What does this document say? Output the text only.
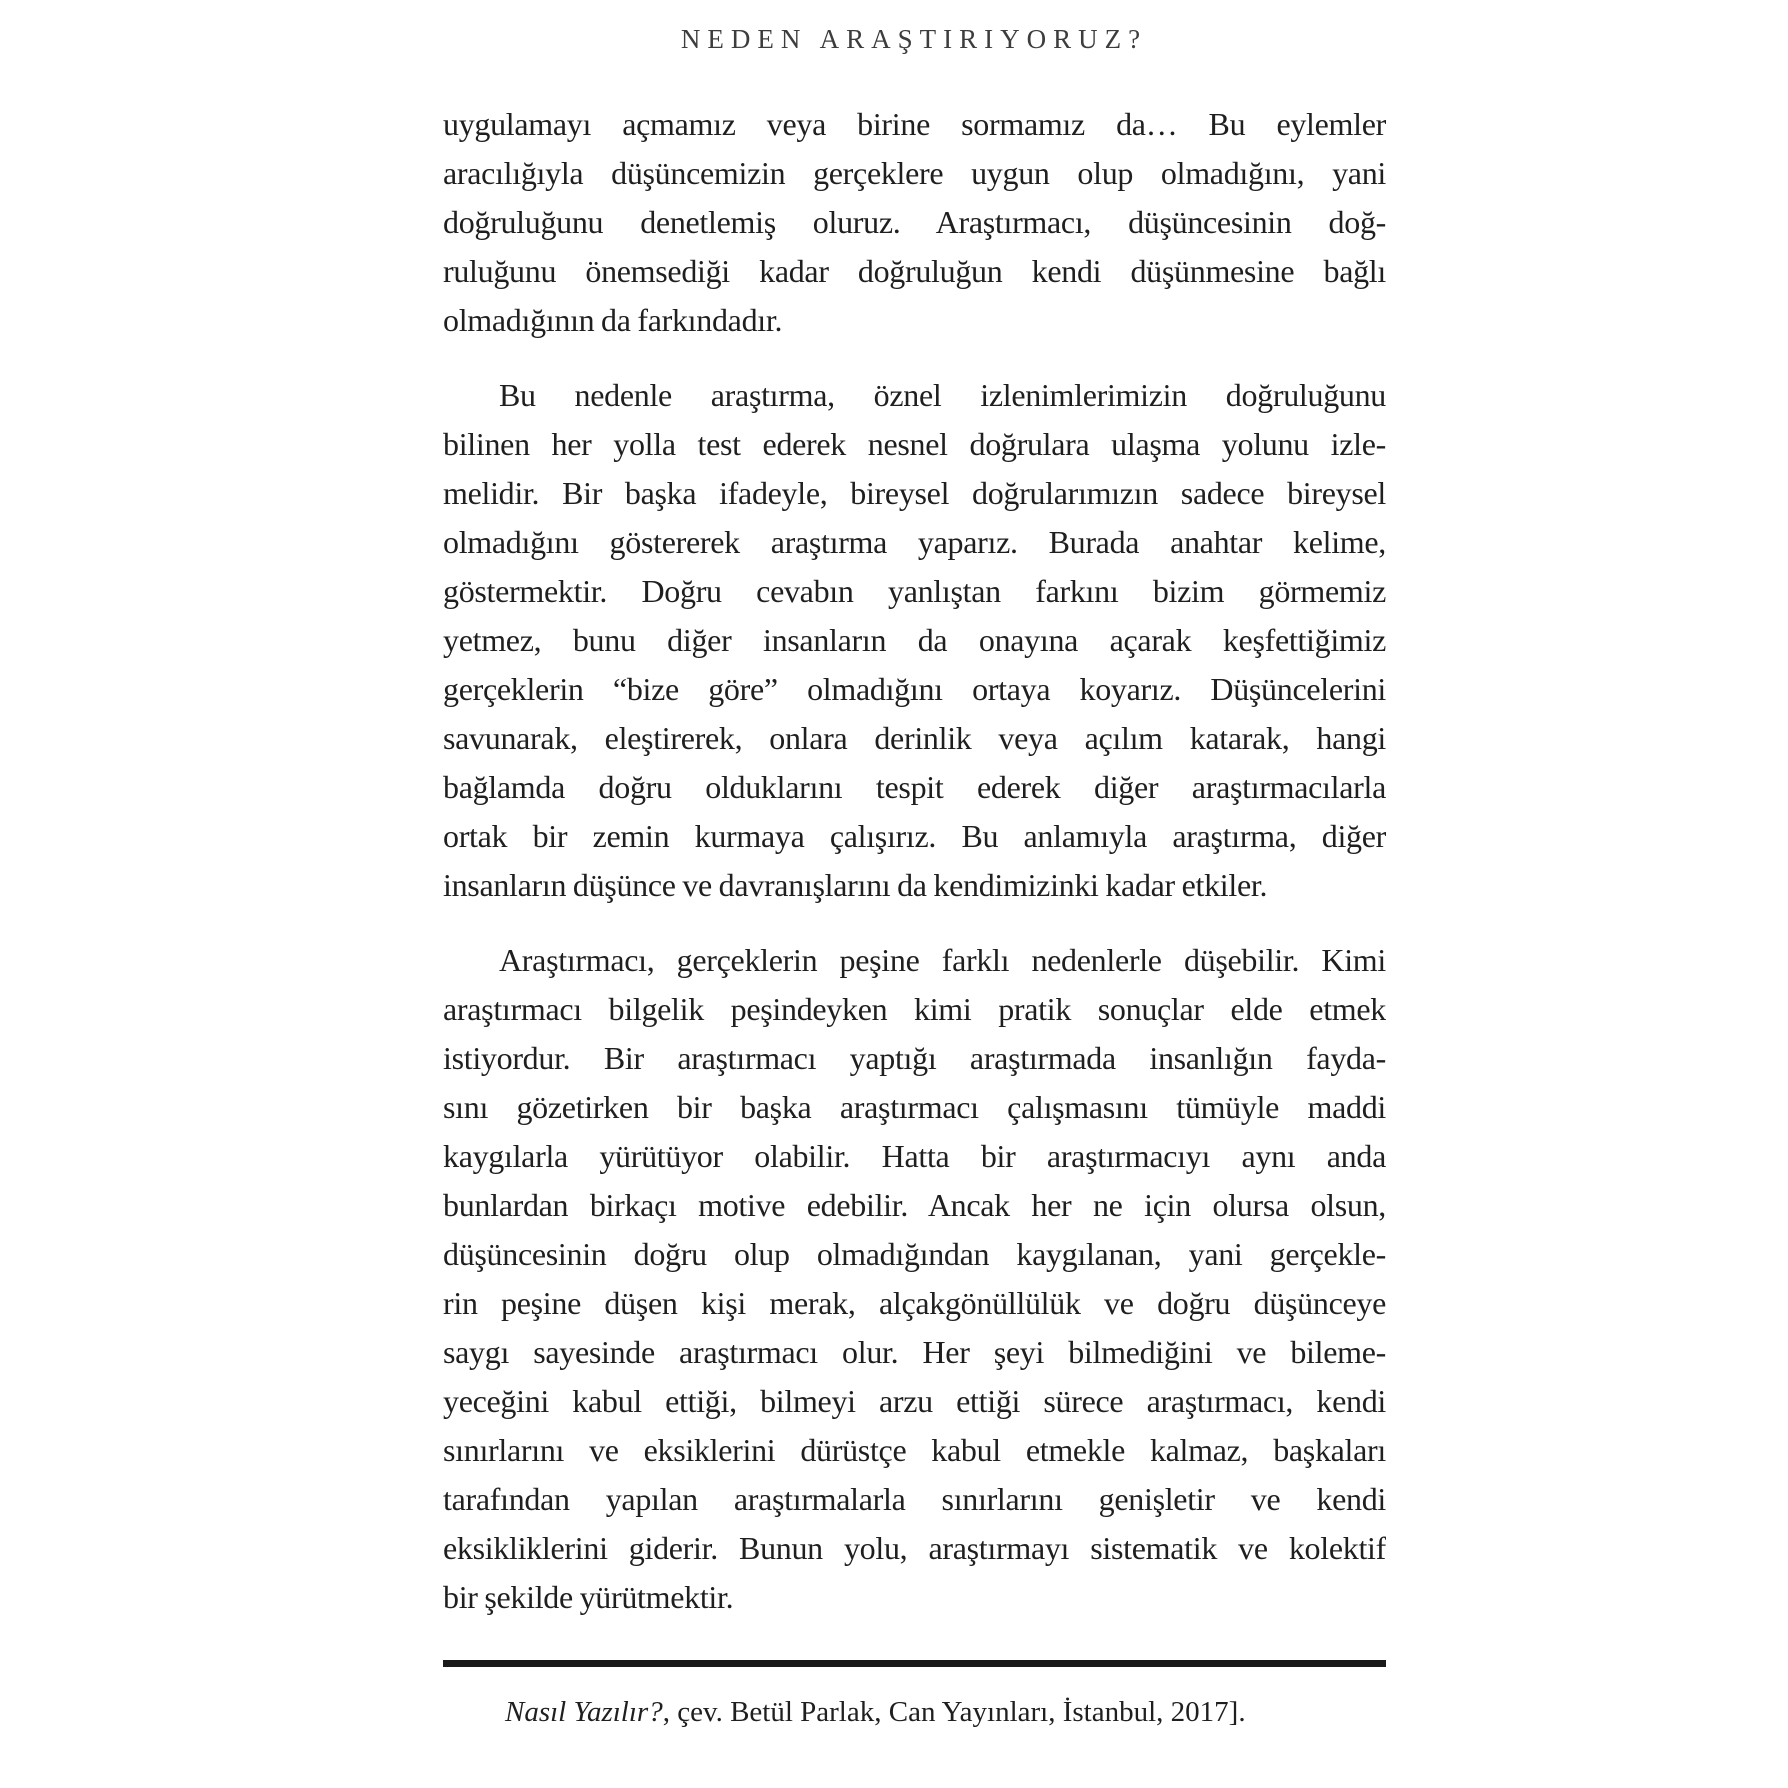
NEDEN ARAŞTIRIYORUZ?
uygulamayı açmamız veya birine sormamız da… Bu eylemler
aracılığıyla düşüncemizin gerçeklere uygun olup olmadığını, yani
doğruluğunu denetlemiş oluruz. Araştırmacı, düşüncesinin doğ-
ruluğunu önemsediği kadar doğruluğun kendi düşünmesine bağlı
olmadığının da farkındadır.
Bu nedenle araştırma, öznel izlenimlerimizin doğruluğunu
bilinen her yolla test ederek nesnel doğrulara ulaşma yolunu izle-
melidir. Bir başka ifadeyle, bireysel doğrularımızın sadece bireysel
olmadığını göstererek araştırma yaparız. Burada anahtar kelime,
göstermektir. Doğru cevabın yanlıştan farkını bizim görmemiz
yetmez, bunu diğer insanların da onayına açarak keşfettiğimiz
gerçeklerin “bize göre” olmadığını ortaya koyarız. Düşüncelerini
savunarak, eleştirerek, onlara derinlik veya açılım katarak, hangi
bağlamda doğru olduklarını tespit ederek diğer araştırmacılarla
ortak bir zemin kurmaya çalışırız. Bu anlamıyla araştırma, diğer
insanların düşünce ve davranışlarını da kendimizinki kadar etkiler.
Araştırmacı, gerçeklerin peşine farklı nedenlerle düşebilir. Kimi
araştırmacı bilgelik peşindeyken kimi pratik sonuçlar elde etmek
istiyordur. Bir araştırmacı yaptığı araştırmada insanlığın fayda-
sını gözetirken bir başka araştırmacı çalışmasını tümüyle maddi
kaygılarla yürütüyor olabilir. Hatta bir araştırmacıyı aynı anda
bunlardan birkaçı motive edebilir. Ancak her ne için olursa olsun,
düşüncesinin doğru olup olmadığından kaygılanan, yani gerçekle-
rin peşine düşen kişi merak, alçakgönüllülük ve doğru düşünceye
saygı sayesinde araştırmacı olur. Her şeyi bilmediğini ve bileme-
yeceğini kabul ettiği, bilmeyi arzu ettiği sürece araştırmacı, kendi
sınırlarını ve eksiklerini dürüstçe kabul etmekle kalmaz, başkaları
tarafından yapılan araştırmalarla sınırlarını genişletir ve kendi
eksikliklerini giderir. Bunun yolu, araştırmayı sistematik ve kolektif
bir şekilde yürütmektir.
Nasıl Yazılır?, çev. Betül Parlak, Can Yayınları, İstanbul, 2017].
